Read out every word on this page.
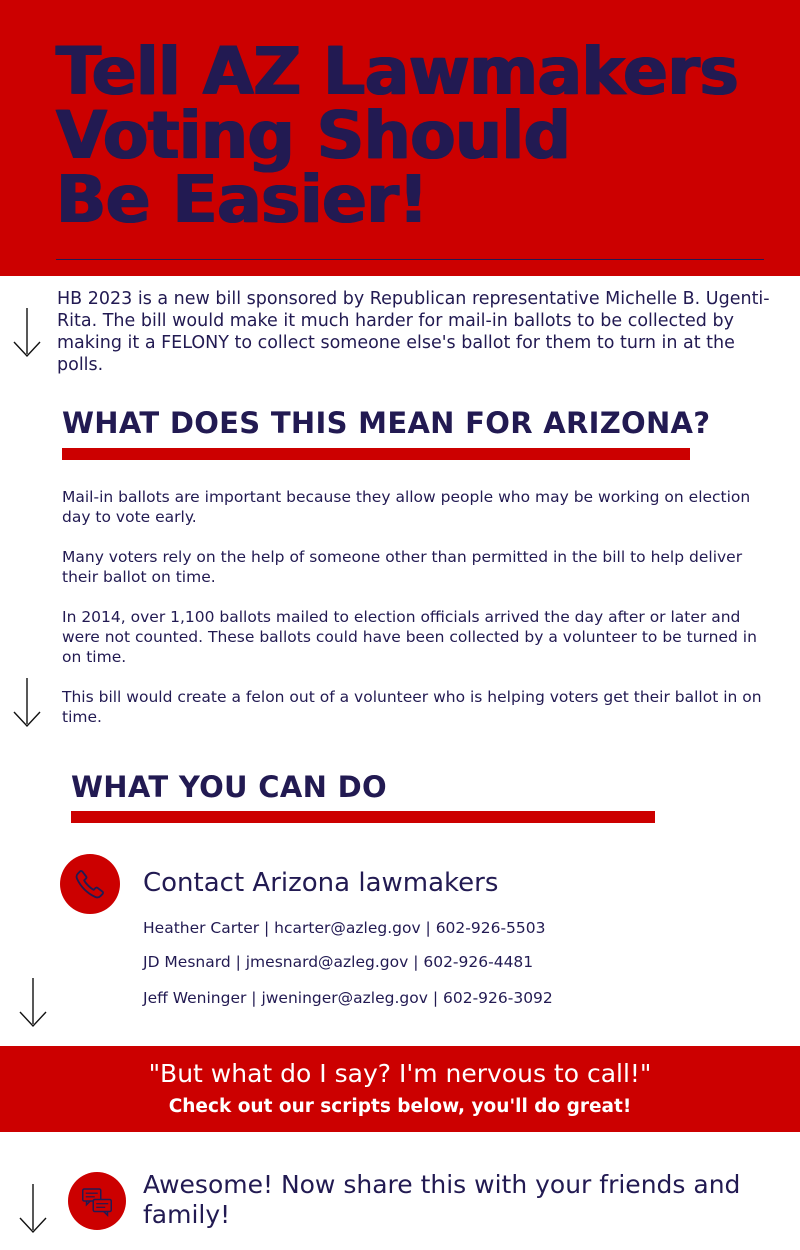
Tell AZ Lawmakers
Voting Should
Be Easier!

HB 2023 is a new bill sponsored by Republican representative Michelle B. Ugenti-Rita. The bill would make it much harder for mail-in ballots to be collected by making it a FELONY to collect someone else's ballot for them to turn in at the polls.

WHAT DOES THIS MEAN FOR ARIZONA?

Mail-in ballots are important because they allow people who may be working on election day to vote early.

Many voters rely on the help of someone other than permitted in the bill to help deliver their ballot on time.

In 2014, over 1,100 ballots mailed to election officials arrived the day after or later and were not counted. These ballots could have been collected by a volunteer to be turned in on time.

This bill would create a felon out of a volunteer who is helping voters get their ballot in on time.

WHAT YOU CAN DO

Contact Arizona lawmakers

Heather Carter | hcarter@azleg.gov | 602-926-5503

JD Mesnard | jmesnard@azleg.gov | 602-926-4481

Jeff Weninger | jweninger@azleg.gov | 602-926-3092

"But what do I say? I'm nervous to call!"

Check out our scripts below, you'll do great!

Awesome! Now share this with your friends and family!
